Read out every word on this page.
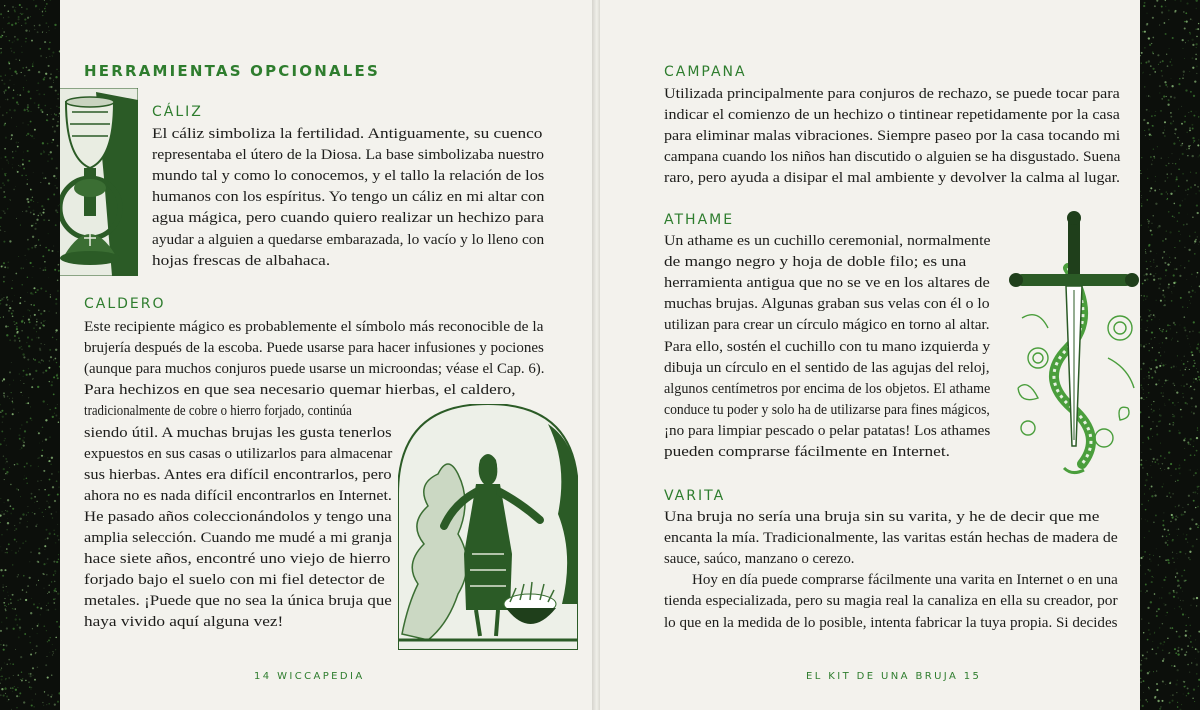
HERRAMIENTAS OPCIONALES
CÁLIZ
El cáliz simboliza la fertilidad. Antiguamente, su cuenco
representaba el útero de la Diosa. La base simbolizaba nuestro
mundo tal y como lo conocemos, y el tallo la relación de los
humanos con los espíritus. Yo tengo un cáliz en mi altar con
agua mágica, pero cuando quiero realizar un hechizo para
ayudar a alguien a quedarse embarazada, lo vacío y lo lleno con
hojas frescas de albahaca.
CALDERO
Este recipiente mágico es probablemente el símbolo más reconocible de la
brujería después de la escoba. Puede usarse para hacer infusiones y pociones
(aunque para muchos conjuros puede usarse un microondas; véase el Cap. 6).
Para hechizos en que sea necesario quemar hierbas, el caldero,
tradicionalmente de cobre o hierro forjado, continúa
siendo útil. A muchas brujas les gusta tenerlos
expuestos en sus casas o utilizarlos para almacenar
sus hierbas. Antes era difícil encontrarlos, pero
ahora no es nada difícil encontrarlos en Internet.
He pasado años coleccionándolos y tengo una
amplia selección. Cuando me mudé a mi granja
hace siete años, encontré uno viejo de hierro
forjado bajo el suelo con mi fiel detector de
metales. ¡Puede que no sea la única bruja que
haya vivido aquí alguna vez!
14 WICCAPEDIA
CAMPANA
Utilizada principalmente para conjuros de rechazo, se puede tocar para
indicar el comienzo de un hechizo o tintinear repetidamente por la casa
para eliminar malas vibraciones. Siempre paseo por la casa tocando mi
campana cuando los niños han discutido o alguien se ha disgustado. Suena
raro, pero ayuda a disipar el mal ambiente y devolver la calma al lugar.
ATHAME
Un athame es un cuchillo ceremonial, normalmente
de mango negro y hoja de doble filo; es una
herramienta antigua que no se ve en los altares de
muchas brujas. Algunas graban sus velas con él o lo
utilizan para crear un círculo mágico en torno al altar.
Para ello, sostén el cuchillo con tu mano izquierda y
dibuja un círculo en el sentido de las agujas del reloj,
algunos centímetros por encima de los objetos. El athame
conduce tu poder y solo ha de utilizarse para fines mágicos,
¡no para limpiar pescado o pelar patatas! Los athames
pueden comprarse fácilmente en Internet.
VARITA
Una bruja no sería una bruja sin su varita, y he de decir que me
encanta la mía. Tradicionalmente, las varitas están hechas de madera de
sauce, saúco, manzano o cerezo.
Hoy en día puede comprarse fácilmente una varita en Internet o en una
tienda especializada, pero su magia real la canaliza en ella su creador, por
lo que en la medida de lo posible, intenta fabricar la tuya propia. Si decides
EL KIT DE UNA BRUJA 15
